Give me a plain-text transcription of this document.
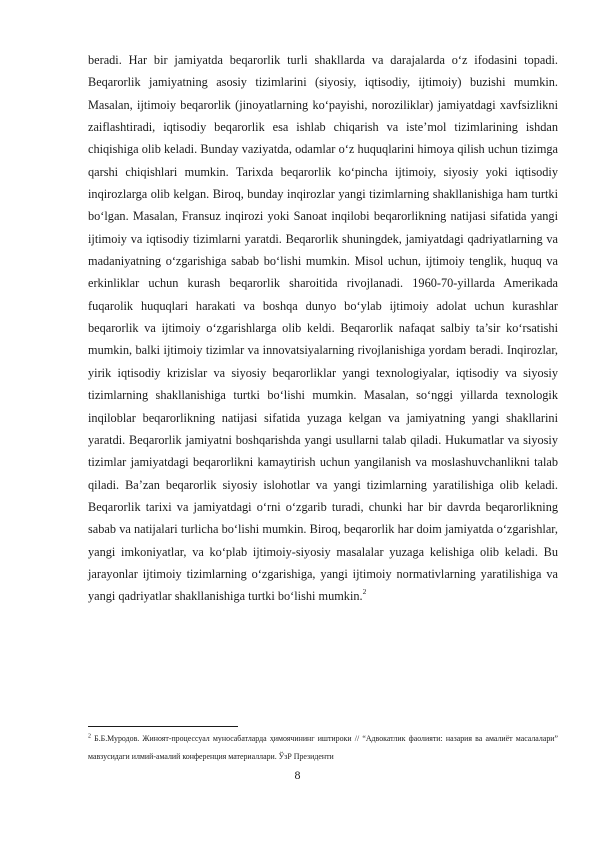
beradi. Har bir jamiyatda beqarorlik turli shakllarda va darajalarda o‘z ifodasini topadi. Beqarorlik jamiyatning asosiy tizimlarini (siyosiy, iqtisodiy, ijtimoiy) buzishi mumkin. Masalan, ijtimoiy beqarorlik (jinoyatlarning ko‘payishi, noroziliklar) jamiyatdagi xavfsizlikni zaiflashtiradi, iqtisodiy beqarorlik esa ishlab chiqarish va iste’mol tizimlarining ishdan chiqishiga olib keladi. Bunday vaziyatda, odamlar o‘z huquqlarini himoya qilish uchun tizimga qarshi chiqishlari mumkin. Tarixda beqarorlik ko‘pincha ijtimoiy, siyosiy yoki iqtisodiy inqirozlarga olib kelgan. Biroq, bunday inqirozlar yangi tizimlarning shakllanishiga ham turtki bo‘lgan. Masalan, Fransuz inqirozi yoki Sanoat inqilobi beqarorlikning natijasi sifatida yangi ijtimoiy va iqtisodiy tizimlarni yaratdi. Beqarorlik shuningdek, jamiyatdagi qadriyatlarning va madaniyatning o‘zgarishiga sabab bo‘lishi mumkin. Misol uchun, ijtimoiy tenglik, huquq va erkinliklar uchun kurash beqarorlik sharoitida rivojlanadi. 1960-70-yillarda Amerikada fuqarolik huquqlari harakati va boshqa dunyo bo‘ylab ijtimoiy adolat uchun kurashlar beqarorlik va ijtimoiy o‘zgarishlarga olib keldi. Beqarorlik nafaqat salbiy ta’sir ko‘rsatishi mumkin, balki ijtimoiy tizimlar va innovatsiyalarning rivojlanishiga yordam beradi. Inqirozlar, yirik iqtisodiy krizislar va siyosiy beqarorliklar yangi texnologiyalar, iqtisodiy va siyosiy tizimlarning shakllanishiga turtki bo‘lishi mumkin. Masalan, so‘nggi yillarda texnologik inqiloblar beqarorlikning natijasi sifatida yuzaga kelgan va jamiyatning yangi shakllarini yaratdi. Beqarorlik jamiyatni boshqarishda yangi usullarni talab qiladi. Hukumatlar va siyosiy tizimlar jamiyatdagi beqarorlikni kamaytirish uchun yangilanish va moslashuvchanlikni talab qiladi. Ba’zan beqarorlik siyosiy islohotlar va yangi tizimlarning yaratilishiga olib keladi. Beqarorlik tarixi va jamiyatdagi o‘rni o‘zgarib turadi, chunki har bir davrda beqarorlikning sabab va natijalari turlicha bo‘lishi mumkin. Biroq, beqarorlik har doim jamiyatda o‘zgarishlar, yangi imkoniyatlar, va ko‘plab ijtimoiy-siyosiy masalalar yuzaga kelishiga olib keladi. Bu jarayonlar ijtimoiy tizimlarning o‘zgarishiga, yangi ijtimoiy normativlarning yaratilishiga va yangi qadriyatlar shakllanishiga turtki bo‘lishi mumkin.$^2$

$^2$ Б.Б.Муродов. Жиноят-процессуал муносабатларда ҳимоячининг иштироки // “Адвокатлик фаолияти: назария ва амалиёт масалалари” мавзусидаги илмий-амалий конференция материаллари. ЎзР Президенти

8
